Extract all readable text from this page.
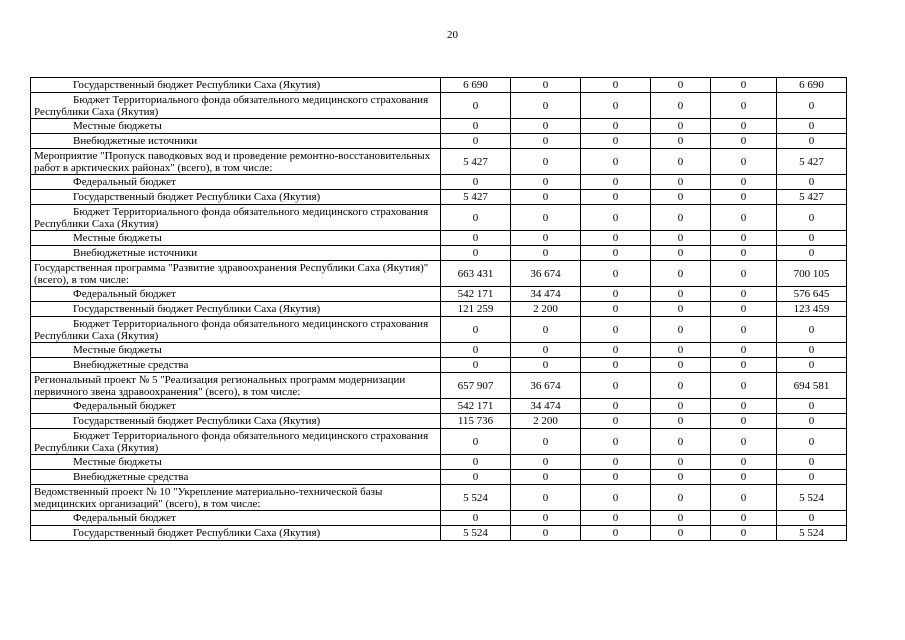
20
Государственный бюджет Республики Саха (Якутия)	6 690	0	0	0	0	6 690
Бюджет Территориального фонда обязательного медицинского страхования Республики Саха (Якутия)	0	0	0	0	0	0
Местные бюджеты	0	0	0	0	0	0
Внебюджетные источники	0	0	0	0	0	0
Мероприятие "Пропуск паводковых вод и проведение ремонтно-восстановительных работ в арктических районах" (всего), в том числе:	5 427	0	0	0	0	5 427
Федеральный бюджет	0	0	0	0	0	0
Государственный бюджет Республики Саха (Якутия)	5 427	0	0	0	0	5 427
Бюджет Территориального фонда обязательного медицинского страхования Республики Саха (Якутия)	0	0	0	0	0	0
Местные бюджеты	0	0	0	0	0	0
Внебюджетные источники	0	0	0	0	0	0
Государственная программа "Развитие здравоохранения Республики Саха (Якутия)" (всего), в том числе:	663 431	36 674	0	0	0	700 105
Федеральный бюджет	542 171	34 474	0	0	0	576 645
Государственный бюджет Республики Саха (Якутия)	121 259	2 200	0	0	0	123 459
Бюджет Территориального фонда обязательного медицинского страхования Республики Саха (Якутия)	0	0	0	0	0	0
Местные бюджеты	0	0	0	0	0	0
Внебюджетные средства	0	0	0	0	0	0
Региональный проект № 5 "Реализация региональных программ модернизации первичного звена здравоохранения" (всего), в том числе:	657 907	36 674	0	0	0	694 581
Федеральный бюджет	542 171	34 474	0	0	0	0
Государственный бюджет Республики Саха (Якутия)	115 736	2 200	0	0	0	0
Бюджет Территориального фонда обязательного медицинского страхования Республики Саха (Якутия)	0	0	0	0	0	0
Местные бюджеты	0	0	0	0	0	0
Внебюджетные средства	0	0	0	0	0	0
Ведомственный проект № 10 "Укрепление материально-технической базы медицинских организаций" (всего), в том числе:	5 524	0	0	0	0	5 524
Федеральный бюджет	0	0	0	0	0	0
Государственный бюджет Республики Саха (Якутия)	5 524	0	0	0	0	5 524
